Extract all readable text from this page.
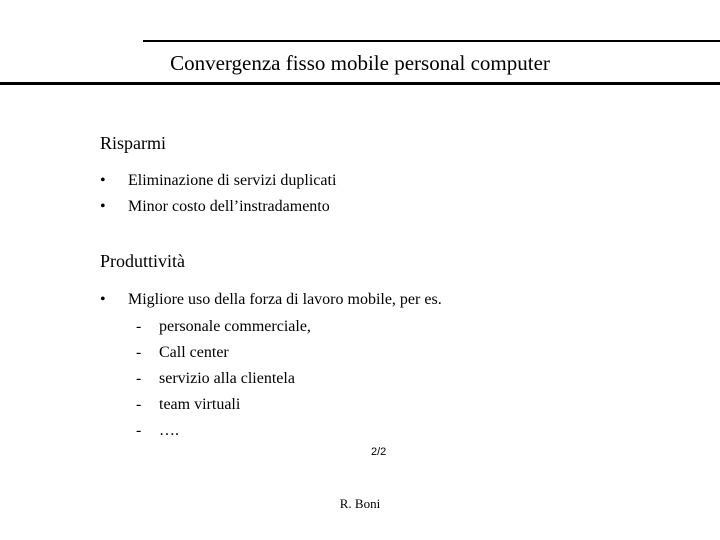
Convergenza fisso mobile personal computer
Risparmi
•	Eliminazione di servizi duplicati
•	Minor costo dell’instradamento
Produttività
•	Migliore uso della forza di lavoro mobile, per es.
- personale commerciale,
- Call center
- servizio alla clientela
- team virtuali
- ….
2/2
R. Boni
